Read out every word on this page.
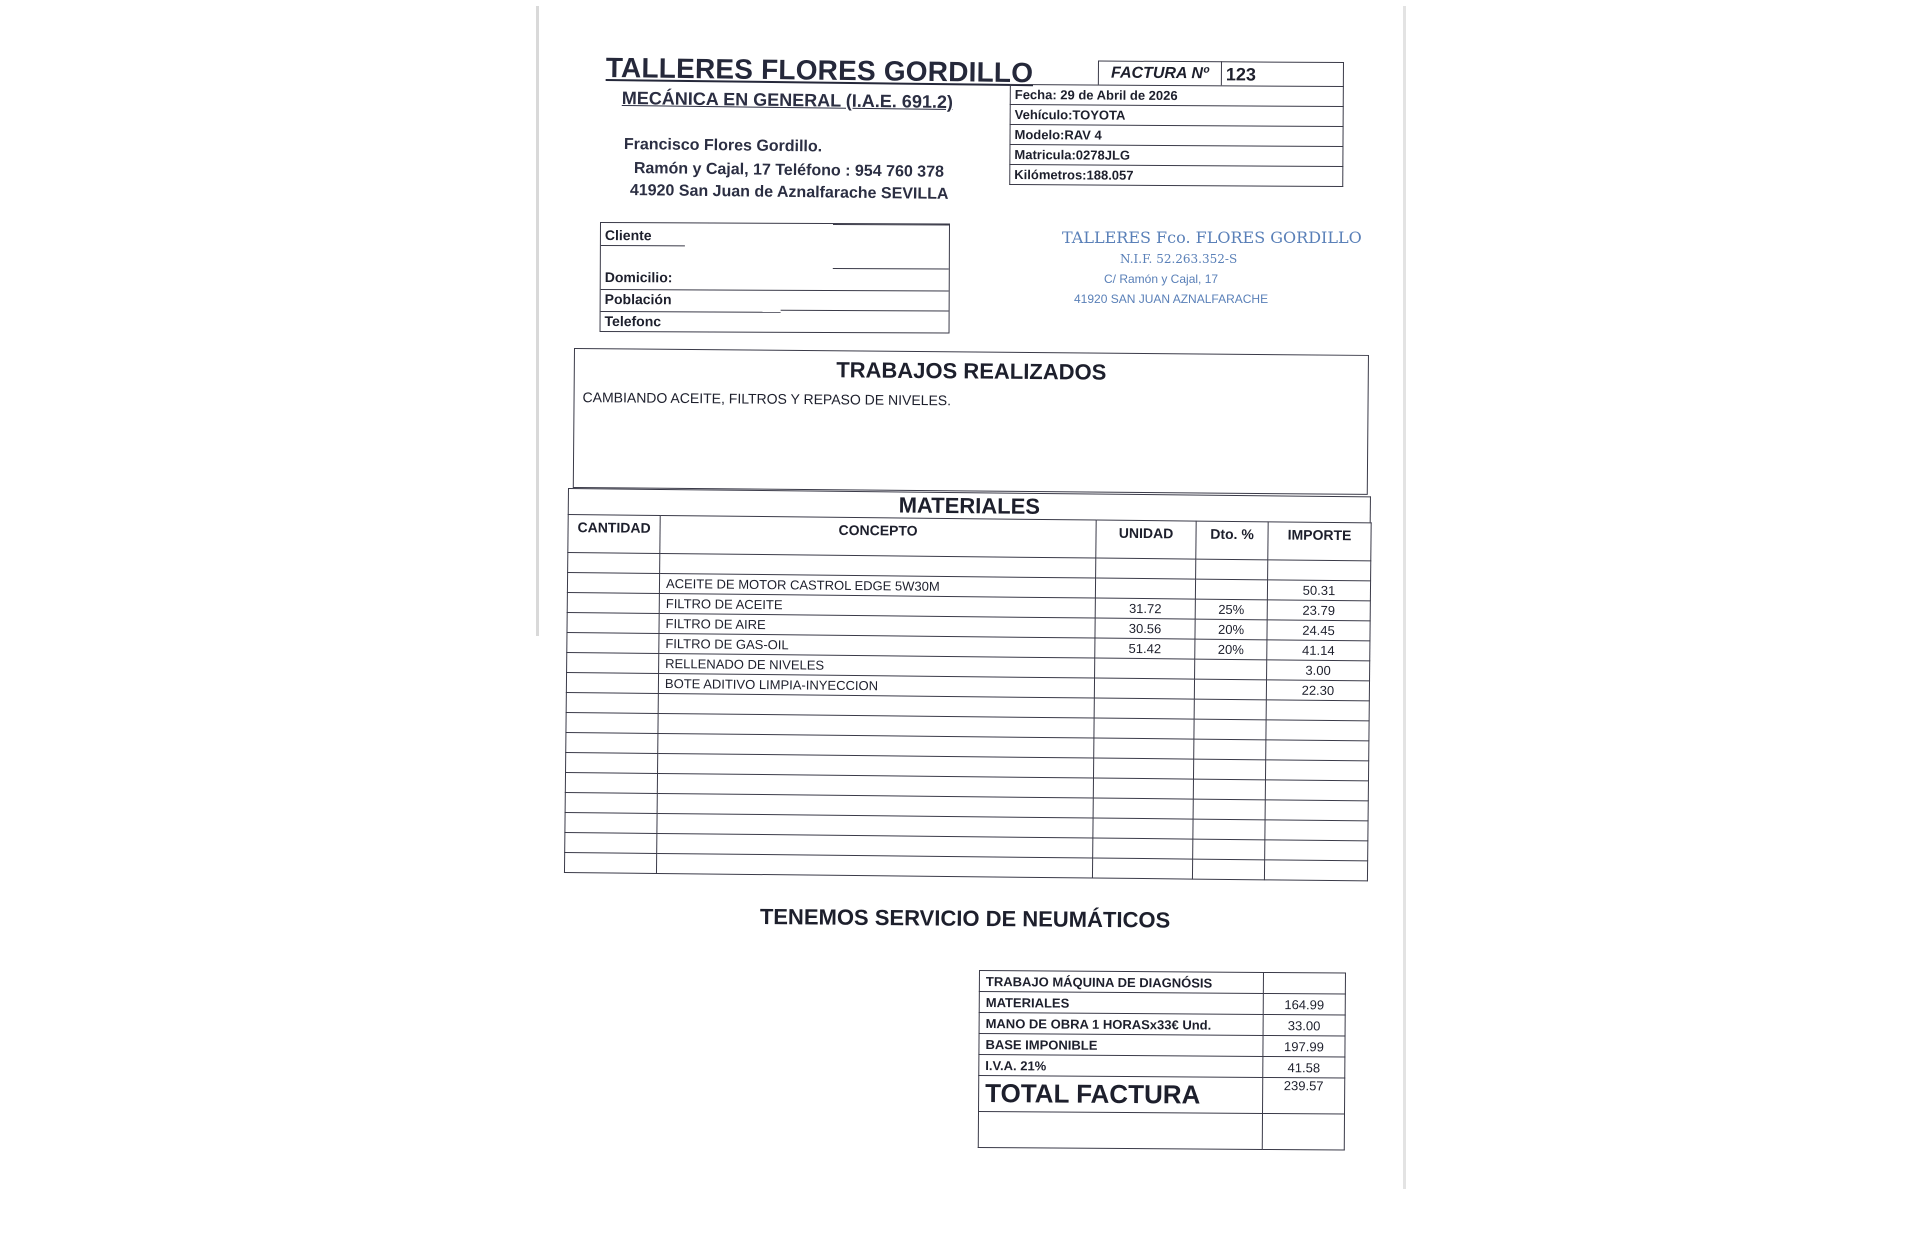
TALLERES FLORES GORDILLO
MECÁNICA EN GENERAL (I.A.E. 691.2)
Francisco Flores Gordillo.
Ramón y Cajal, 17 Teléfono : 954 760 378
41920 San Juan de Aznalfarache SEVILLA
FACTURA Nº 123
Fecha: 29 de Abril de 2026
Vehículo:TOYOTA
Modelo:RAV 4
Matricula:0278JLG
Kilómetros:188.057
Cliente
Domicilio:
Población
Telefonc
TALLERES Fco. FLORES GORDILLO
N.I.F. 52.263.352-S
C/ Ramón y Cajal, 17
41920 SAN JUAN AZNALFARACHE
TRABAJOS REALIZADOS
CAMBIANDO ACEITE, FILTROS Y REPASO DE NIVELES.
MATERIALES
CANTIDAD	CONCEPTO	UNIDAD	Dto. %	IMPORTE

	ACEITE DE MOTOR CASTROL EDGE 5W30M			50.31
	FILTRO DE ACEITE	31.72	25%	23.79
	FILTRO DE AIRE	30.56	20%	24.45
	FILTRO DE GAS-OIL	51.42	20%	41.14
	RELLENADO DE NIVELES			3.00
	BOTE ADITIVO LIMPIA-INYECCION			22.30

TENEMOS SERVICIO DE NEUMÁTICOS
TRABAJO MÁQUINA DE DIAGNÓSIS	
MATERIALES	164.99
MANO DE OBRA 1 HORASx33€ Und.	33.00
BASE IMPONIBLE	197.99
I.V.A. 21%	41.58
TOTAL FACTURA	239.57
